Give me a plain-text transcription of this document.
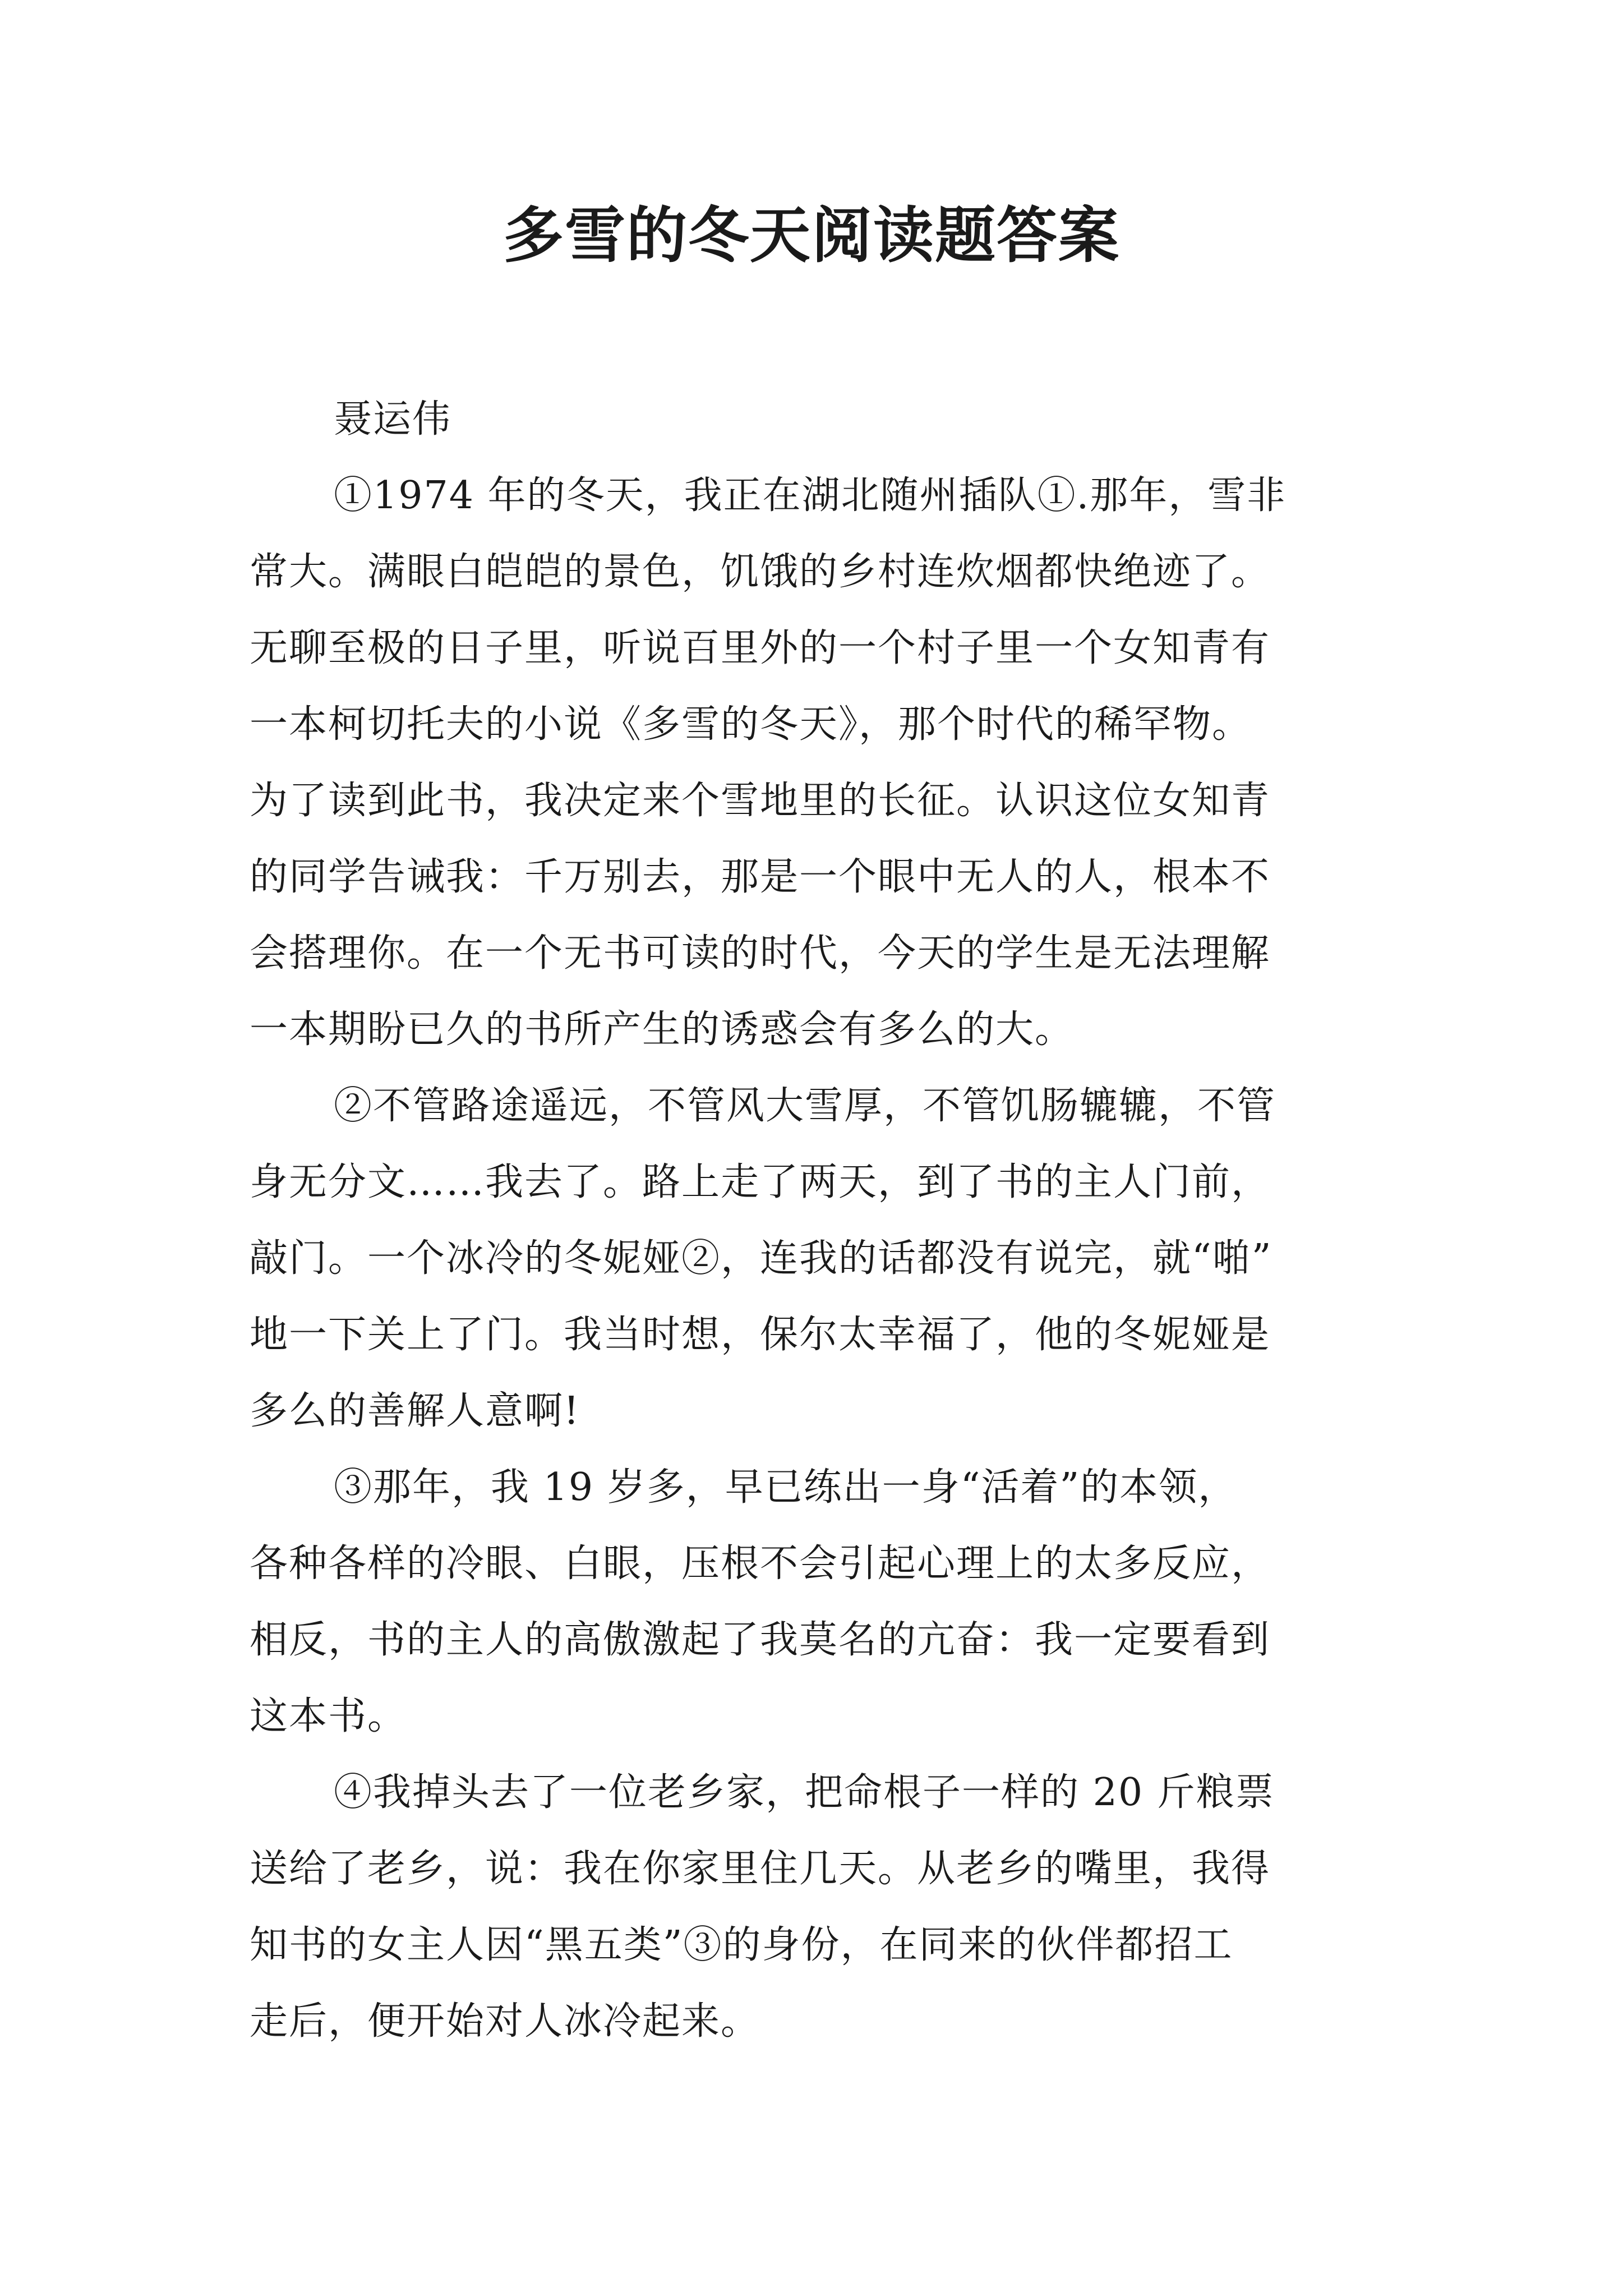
多雪的冬天阅读题答案
聂运伟
①1974 年的冬天，我正在湖北随州插队①.那年，雪非
常大。满眼白皑皑的景色，饥饿的乡村连炊烟都快绝迹了。
无聊至极的日子里，听说百里外的一个村子里一个女知青有
一本柯切托夫的小说《多雪的冬天》，那个时代的稀罕物。
为了读到此书，我决定来个雪地里的长征。认识这位女知青
的同学告诫我：千万别去，那是一个眼中无人的人，根本不
会搭理你。在一个无书可读的时代，今天的学生是无法理解
一本期盼已久的书所产生的诱惑会有多么的大。
②不管路途遥远，不管风大雪厚，不管饥肠辘辘，不管
身无分文……我去了。路上走了两天，到了书的主人门前，
敲门。一个冰冷的冬妮娅②，连我的话都没有说完，就“啪”
地一下关上了门。我当时想，保尔太幸福了，他的冬妮娅是
多么的善解人意啊!
③那年，我 19 岁多，早已练出一身“活着”的本领，
各种各样的冷眼、白眼，压根不会引起心理上的太多反应，
相反，书的主人的高傲激起了我莫名的亢奋：我一定要看到
这本书。
④我掉头去了一位老乡家，把命根子一样的 20 斤粮票
送给了老乡，说：我在你家里住几天。从老乡的嘴里，我得
知书的女主人因“黑五类”③的身份，在同来的伙伴都招工
走后，便开始对人冰冷起来。
